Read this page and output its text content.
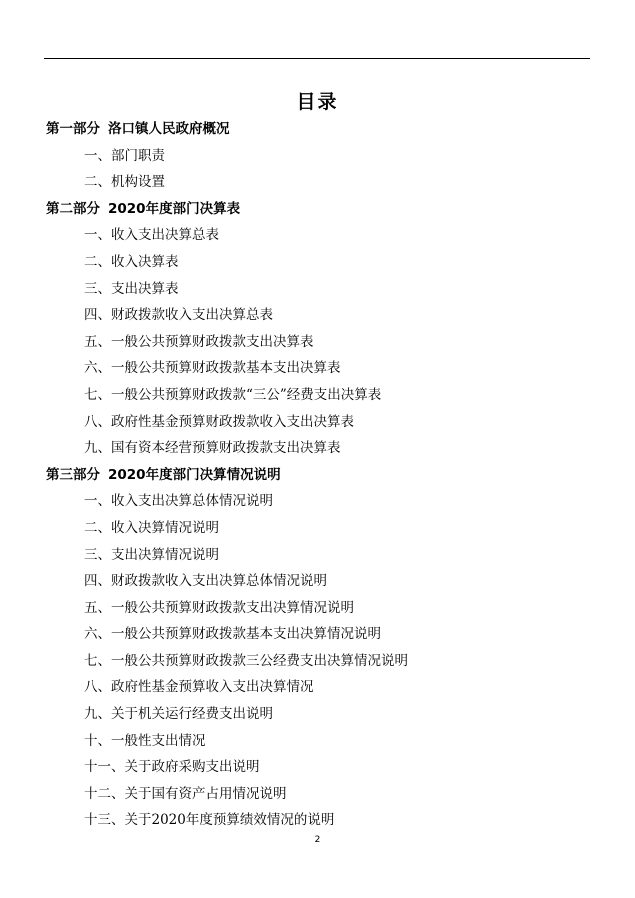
目录
第一部分 洛口镇人民政府概况
一、部门职责
二、机构设置
第二部分 2020年度部门决算表
一、收入支出决算总表
二、收入决算表
三、支出决算表
四、财政拨款收入支出决算总表
五、一般公共预算财政拨款支出决算表
六、一般公共预算财政拨款基本支出决算表
七、一般公共预算财政拨款“三公”经费支出决算表
八、政府性基金预算财政拨款收入支出决算表
九、国有资本经营预算财政拨款支出决算表
第三部分 2020年度部门决算情况说明
一、收入支出决算总体情况说明
二、收入决算情况说明
三、支出决算情况说明
四、财政拨款收入支出决算总体情况说明
五、一般公共预算财政拨款支出决算情况说明
六、一般公共预算财政拨款基本支出决算情况说明
七、一般公共预算财政拨款三公经费支出决算情况说明
八、政府性基金预算收入支出决算情况
九、关于机关运行经费支出说明
十、一般性支出情况
十一、关于政府采购支出说明
十二、关于国有资产占用情况说明
十三、关于2020年度预算绩效情况的说明
2
